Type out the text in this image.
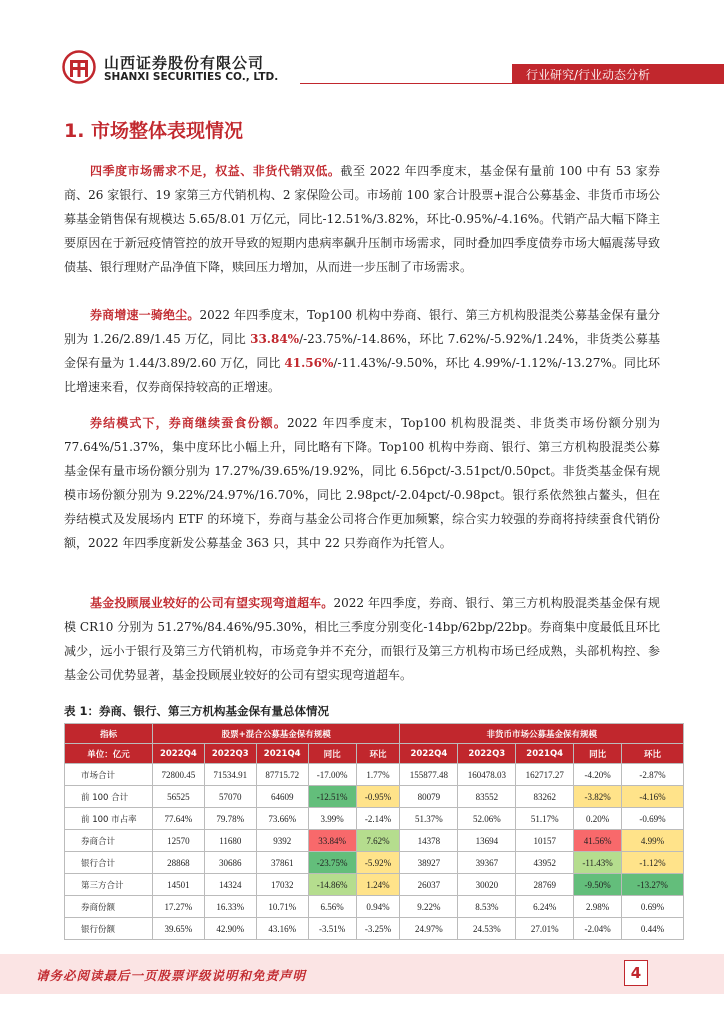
山西证券股份有限公司
SHANXI SECURITIES CO., LTD.	行业研究/行业动态分析
1. 市场整体表现情况

四季度市场需求不足，权益、非货代销双低。截至 2022 年四季度末，基金保有量前 100 中有 53 家券商、26 家银行、19 家第三方代销机构、2 家保险公司。市场前 100 家合计股票+混合公募基金、非货币市场公募基金销售保有规模达 5.65/8.01 万亿元，同比-12.51%/3.82%，环比-0.95%/-4.16%。代销产品大幅下降主要原因在于新冠疫情管控的放开导致的短期内患病率飙升压制市场需求，同时叠加四季度债券市场大幅震荡导致债基、银行理财产品净值下降，赎回压力增加，从而进一步压制了市场需求。

券商增速一骑绝尘。2022 年四季度末，Top100 机构中券商、银行、第三方机构股混类公募基金保有量分别为 1.26/2.89/1.45 万亿，同比 33.84%/-23.75%/-14.86%，环比 7.62%/-5.92%/1.24%，非货类公募基金保有量为 1.44/3.89/2.60 万亿，同比 41.56%/-11.43%/-9.50%，环比 4.99%/-1.12%/-13.27%。同比环比增速来看，仅券商保持较高的正增速。

券结模式下，券商继续蚕食份额。2022 年四季度末，Top100 机构股混类、非货类市场份额分别为 77.64%/51.37%，集中度环比小幅上升，同比略有下降。Top100 机构中券商、银行、第三方机构股混类公募基金保有量市场份额分别为 17.27%/39.65%/19.92%，同比 6.56pct/-3.51pct/0.50pct。非货类基金保有规模市场份额分别为 9.22%/24.97%/16.70%，同比 2.98pct/-2.04pct/-0.98pct。银行系依然独占鳌头，但在券结模式及发展场内 ETF 的环境下，券商与基金公司将合作更加频繁，综合实力较强的券商将持续蚕食代销份额，2022 年四季度新发公募基金 363 只，其中 22 只券商作为托管人。

基金投顾展业较好的公司有望实现弯道超车。2022 年四季度，券商、银行、第三方机构股混类基金保有规模 CR10 分别为 51.27%/84.46%/95.30%，相比三季度分别变化-14bp/62bp/22bp。券商集中度最低且环比减少，远小于银行及第三方代销机构，市场竞争并不充分，而银行及第三方机构市场已经成熟，头部机构控、参基金公司优势显著，基金投顾展业较好的公司有望实现弯道超车。

表 1：券商、银行、第三方机构基金保有量总体情况
指标	股票+混合公募基金保有规模					非货币市场公募基金保有规模				
单位：亿元	2022Q4	2022Q3	2021Q4	同比	环比	2022Q4	2022Q3	2021Q4	同比	环比
市场合计	72800.45	71534.91	87715.72	-17.00%	1.77%	155877.48	160478.03	162717.27	-4.20%	-2.87%
前 100 合计	56525	57070	64609	-12.51%	-0.95%	80079	83552	83262	-3.82%	-4.16%
前 100 市占率	77.64%	79.78%	73.66%	3.99%	-2.14%	51.37%	52.06%	51.17%	0.20%	-0.69%
券商合计	12570	11680	9392	33.84%	7.62%	14378	13694	10157	41.56%	4.99%
银行合计	28868	30686	37861	-23.75%	-5.92%	38927	39367	43952	-11.43%	-1.12%
第三方合计	14501	14324	17032	-14.86%	1.24%	26037	30020	28769	-9.50%	-13.27%
券商份额	17.27%	16.33%	10.71%	6.56%	0.94%	9.22%	8.53%	6.24%	2.98%	0.69%
银行份额	39.65%	42.90%	43.16%	-3.51%	-3.25%	24.97%	24.53%	27.01%	-2.04%	0.44%
请务必阅读最后一页股票评级说明和免责声明	4
